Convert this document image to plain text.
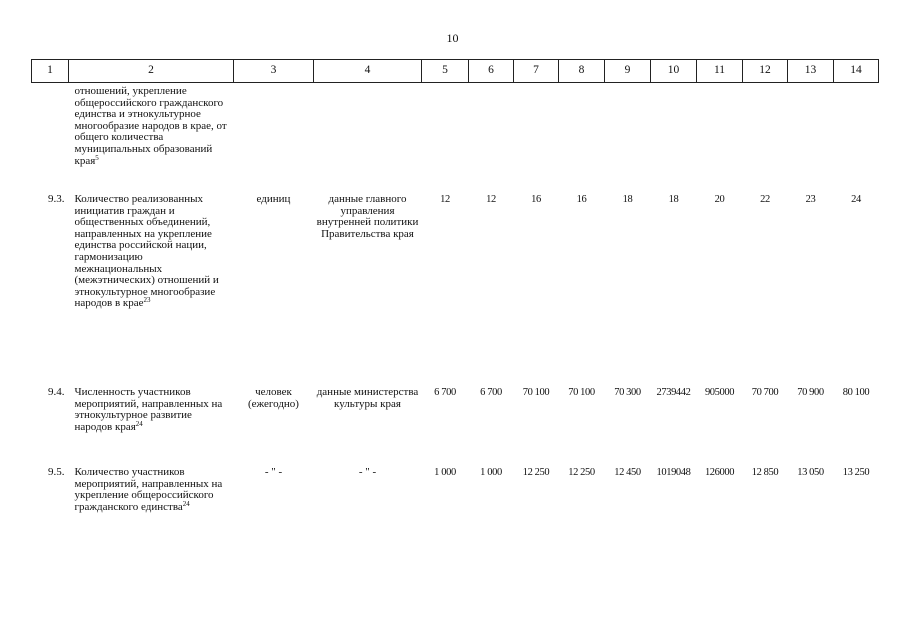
10
1	2	3	4	5	6	7	8	9	10	11	12	13	14
	отношений, укрепление общероссийского гражданского единства и этнокультурное многообразие народов в крае, от общего количества муниципальных образований края$^5$												
9.3.	Количество реализованных инициатив граждан и общественных объединений, направленных на укрепление единства российской нации, гармонизацию межнациональных (межэтнических) отношений и этнокультурное многообразие народов в крае$^{23}$	единиц	данные главного управления внутренней политики Правительства края	12	12	16	16	18	18	20	22	23	24
9.4.	Численность участников мероприятий, направленных на этнокультурное развитие народов края$^{24}$	человек (ежегодно)	данные министерства культуры края	6 700	6 700	70 100	70 100	70 300	2739442	905000	70 700	70 900	80 100
9.5.	Количество участников мероприятий, направленных на укрепление общероссийского гражданского единства$^{24}$	- " -	- " -	1 000	1 000	12 250	12 250	12 450	1019048	126000	12 850	13 050	13 250
